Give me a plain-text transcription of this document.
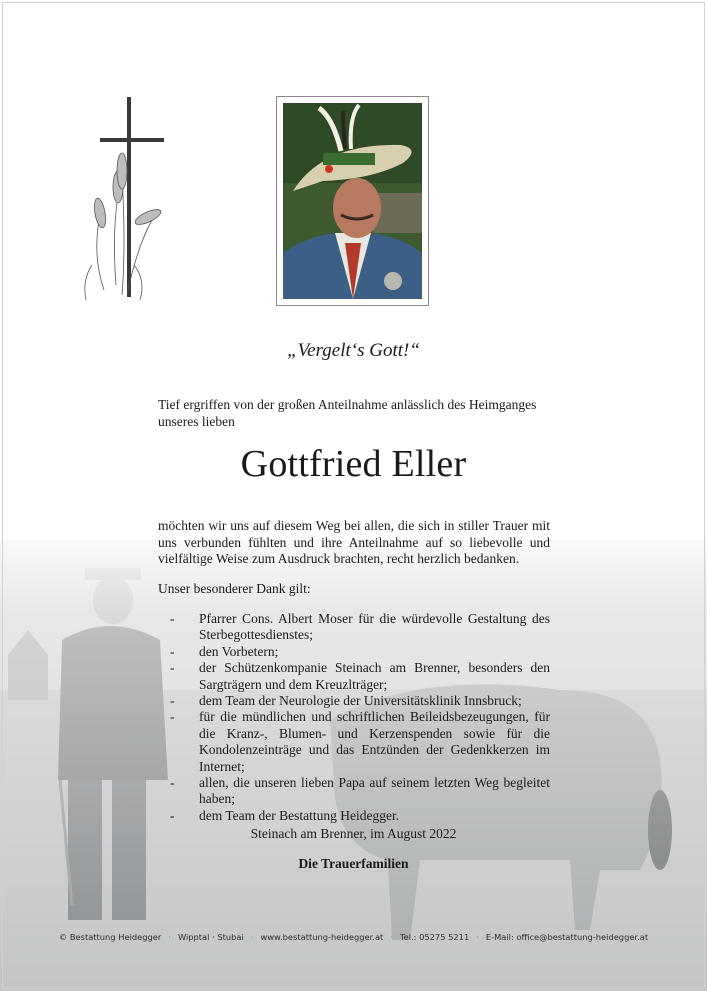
„Vergelt‘s Gott!“
Tief ergriffen von der großen Anteilnahme anlässlich des Heimganges unseres lieben
Gottfried Eller
möchten wir uns auf diesem Weg bei allen, die sich in stiller Trauer mit uns verbunden fühlten und ihre Anteilnahme auf so liebevolle und vielfältige Weise zum Ausdruck brachten, recht herzlich bedanken.
Unser besonderer Dank gilt:
- Pfarrer Cons. Albert Moser für die würdevolle Gestaltung des Sterbegottesdienstes;
- den Vorbetern;
- der Schützenkompanie Steinach am Brenner, besonders den Sargträgern und dem Kreuzlträger;
- dem Team der Neurologie der Universitätsklinik Innsbruck;
- für die mündlichen und schriftlichen Beileidsbezeugungen, für die Kranz-, Blumen- und Kerzenspenden sowie für die Kondolenzeinträge und das Entzünden der Gedenkkerzen im Internet;
- allen, die unseren lieben Papa auf seinem letzten Weg begleitet haben;
- dem Team der Bestattung Heidegger.
Steinach am Brenner, im August 2022
Die Trauerfamilien
© Bestattung Heidegger · Wipptal · Stubai · www.bestattung-heidegger.at · Tel.: 05275 5211 · E-Mail: office@bestattung-heidegger.at
